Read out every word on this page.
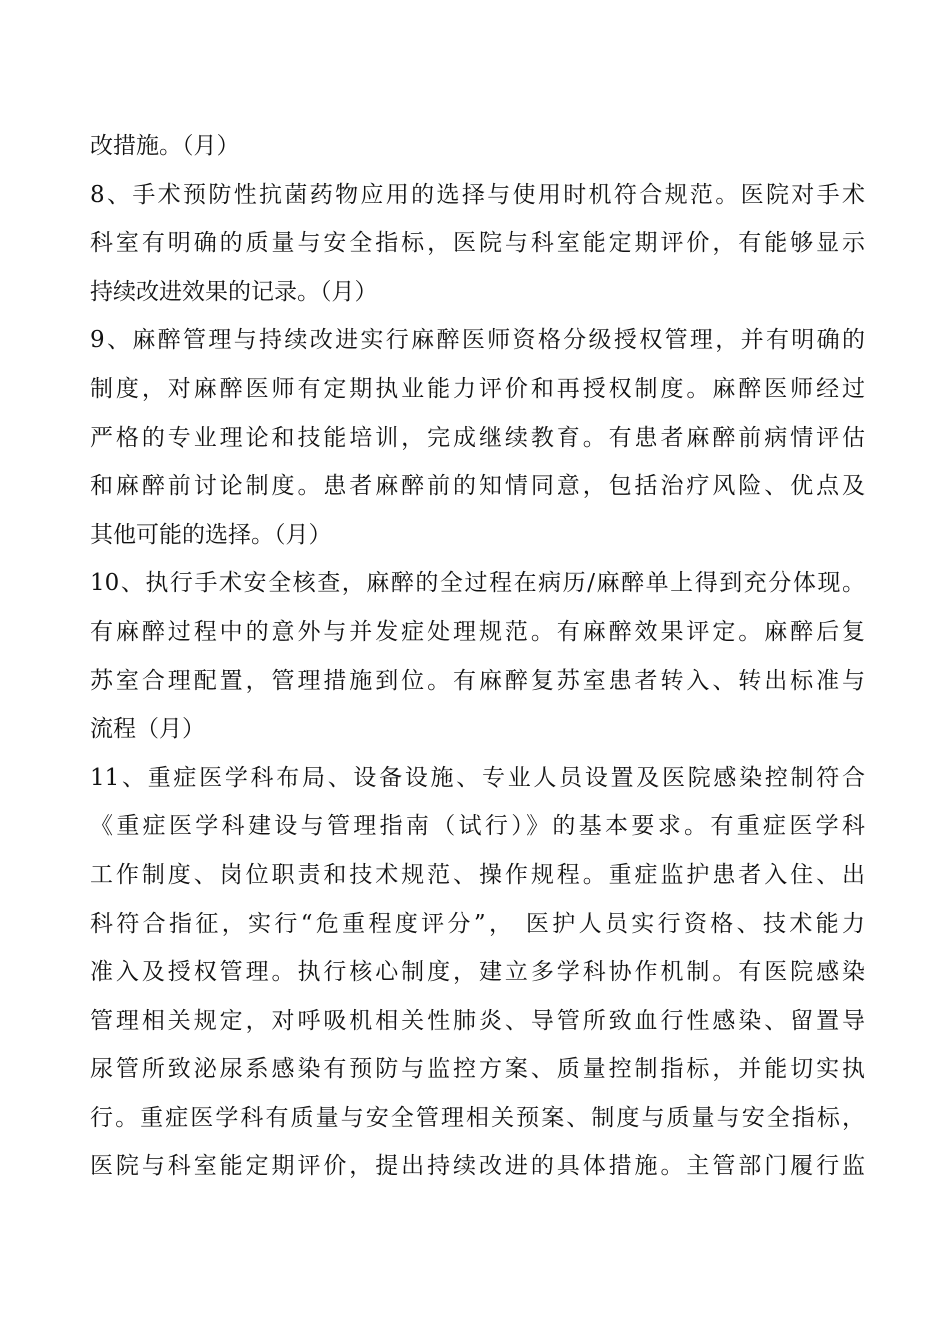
改措施。（月）
8、手术预防性抗菌药物应用的选择与使用时机符合规范。医院对手术
科室有明确的质量与安全指标，医院与科室能定期评价，有能够显示
持续改进效果的记录。（月）
9、麻醉管理与持续改进实行麻醉医师资格分级授权管理，并有明确的
制度，对麻醉医师有定期执业能力评价和再授权制度。麻醉医师经过
严格的专业理论和技能培训，完成继续教育。有患者麻醉前病情评估
和麻醉前讨论制度。患者麻醉前的知情同意，包括治疗风险、优点及
其他可能的选择。（月）
10、执行手术安全核查，麻醉的全过程在病历/麻醉单上得到充分体现。
有麻醉过程中的意外与并发症处理规范。有麻醉效果评定。麻醉后复
苏室合理配置，管理措施到位。有麻醉复苏室患者转入、转出标准与
流程（月）
11、重症医学科布局、设备设施、专业人员设置及医院感染控制符合
《重症医学科建设与管理指南（试行）》的基本要求。有重症医学科
工作制度、岗位职责和技术规范、操作规程。重症监护患者入住、出
科符合指征，实行“危重程度评分”， 医护人员实行资格、技术能力
准入及授权管理。执行核心制度，建立多学科协作机制。有医院感染
管理相关规定，对呼吸机相关性肺炎、导管所致血行性感染、留置导
尿管所致泌尿系感染有预防与监控方案、质量控制指标，并能切实执
行。重症医学科有质量与安全管理相关预案、制度与质量与安全指标，
医院与科室能定期评价，提出持续改进的具体措施。主管部门履行监
